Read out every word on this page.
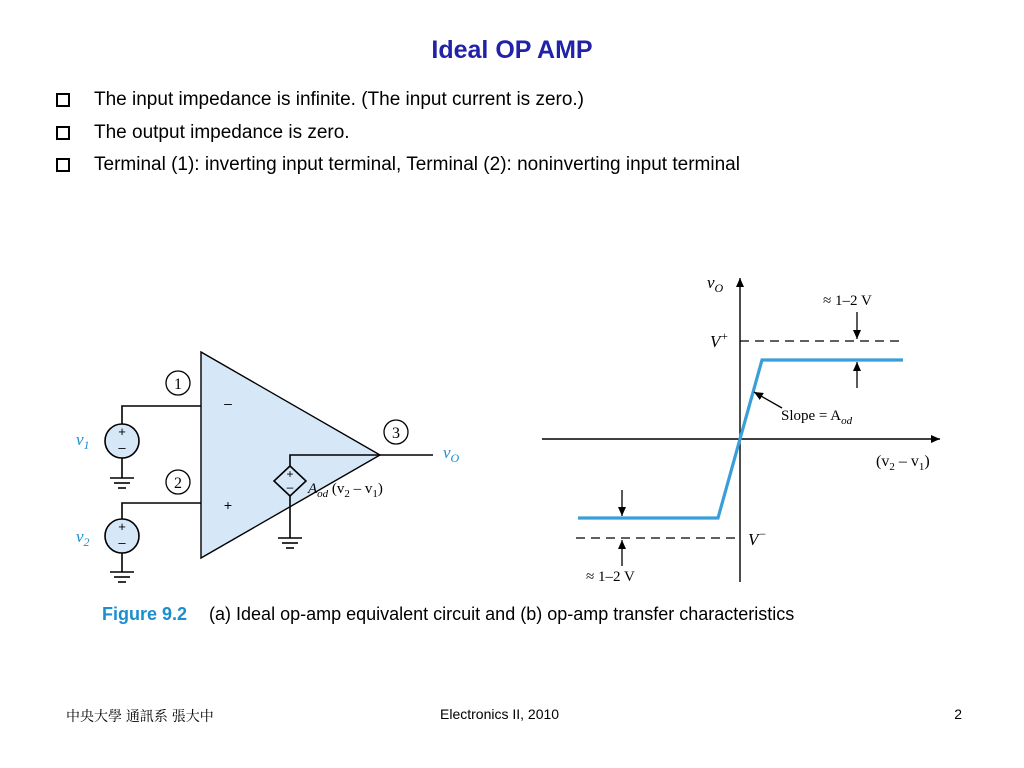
Ideal OP AMP
The input impedance is infinite. (The input current is zero.)
The output impedance is zero.
Terminal (1): inverting input terminal, Terminal (2): noninverting input terminal
1
2
3
+
–
+
–
+
–
–
+
$v_1$
$v_2$
$v_O$
$A_{od}$ $(v_2 - v_1)$
$v_O$
$(v_2 - v_1)$
V+
V−
≈ 1–2 V
≈ 1–2 V
Slope = $A_{od}$
Figure 9.2 (a) Ideal op-amp equivalent circuit and (b) op-amp transfer characteristics
中央大學 通訊系 張大中	Electronics II, 2010	2
